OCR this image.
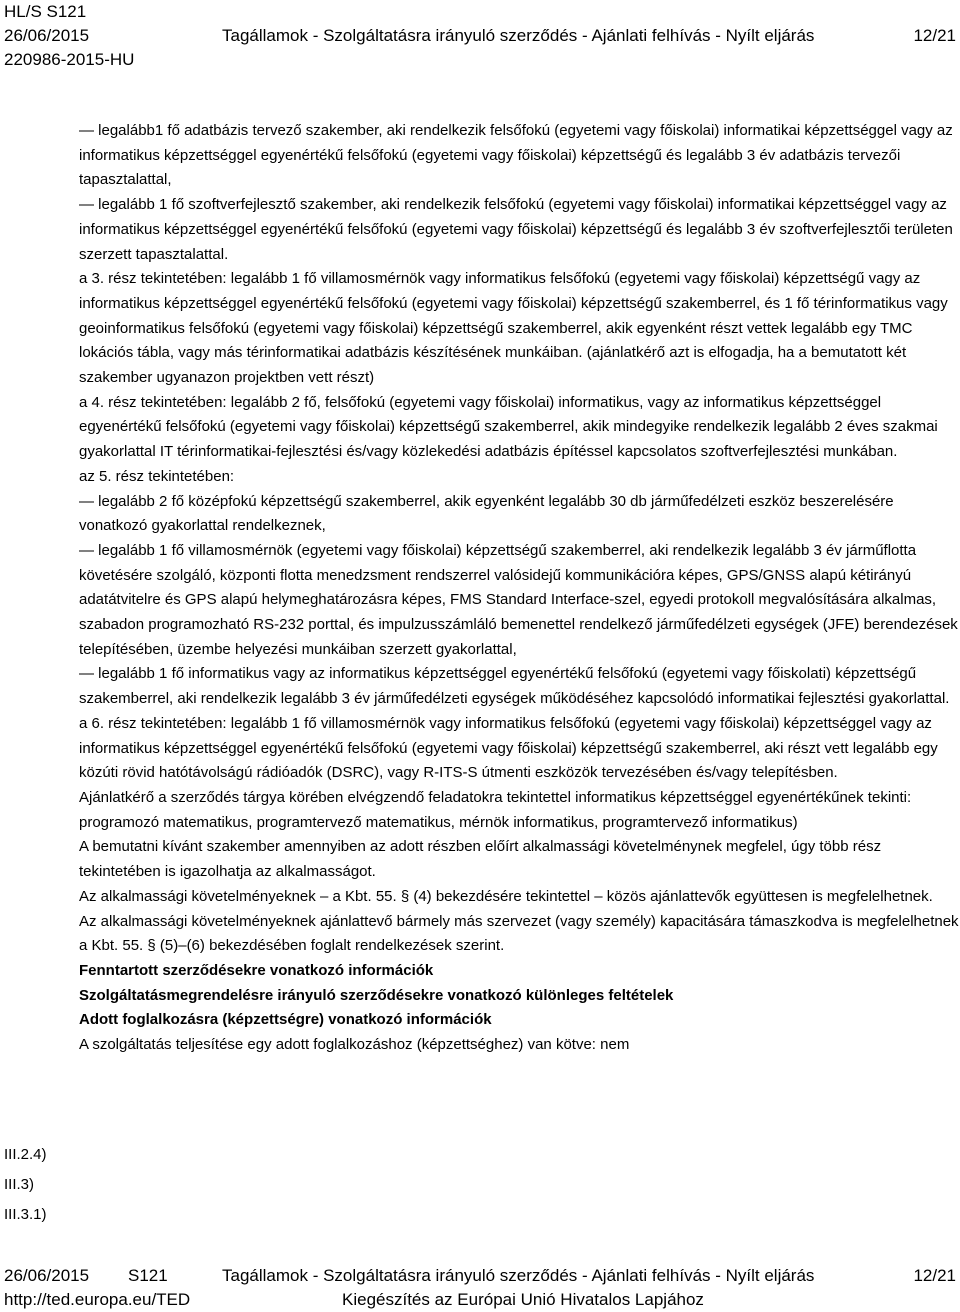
HL/S S121
26/06/2015
220986-2015-HU
Tagállamok - Szolgáltatásra irányuló szerződés - Ajánlati felhívás - Nyílt eljárás	12/21

— legalább1 fő adatbázis tervező szakember, aki rendelkezik felsőfokú (egyetemi vagy főiskolai) informatikai képzettséggel vagy az informatikus képzettséggel egyenértékű felsőfokú (egyetemi vagy főiskolai) képzettségű és legalább 3 év adatbázis tervezői tapasztalattal,

— legalább 1 fő szoftverfejlesztő szakember, aki rendelkezik felsőfokú (egyetemi vagy főiskolai) informatikai képzettséggel vagy az informatikus képzettséggel egyenértékű felsőfokú (egyetemi vagy főiskolai) képzettségű és legalább 3 év szoftverfejlesztői területen szerzett tapasztalattal.

a 3. rész tekintetében: legalább 1 fő villamosmérnök vagy informatikus felsőfokú (egyetemi vagy főiskolai) képzettségű vagy az informatikus képzettséggel egyenértékű felsőfokú (egyetemi vagy főiskolai) képzettségű szakemberrel, és 1 fő térinformatikus vagy geoinformatikus felsőfokú (egyetemi vagy főiskolai) képzettségű szakemberrel, akik egyenként részt vettek legalább egy TMC lokációs tábla, vagy más térinformatikai adatbázis készítésének munkáiban. (ajánlatkérő azt is elfogadja, ha a bemutatott két szakember ugyanazon projektben vett részt)

a 4. rész tekintetében: legalább 2 fő, felsőfokú (egyetemi vagy főiskolai) informatikus, vagy az informatikus képzettséggel egyenértékű felsőfokú (egyetemi vagy főiskolai) képzettségű szakemberrel, akik mindegyike rendelkezik legalább 2 éves szakmai gyakorlattal IT térinformatikai-fejlesztési és/vagy közlekedési adatbázis építéssel kapcsolatos szoftverfejlesztési munkában.

az 5. rész tekintetében:

— legalább 2 fő középfokú képzettségű szakemberrel, akik egyenként legalább 30 db járműfedélzeti eszköz beszerelésére vonatkozó gyakorlattal rendelkeznek,

— legalább 1 fő villamosmérnök (egyetemi vagy főiskolai) képzettségű szakemberrel, aki rendelkezik legalább 3 év járműflotta követésére szolgáló, központi flotta menedzsment rendszerrel valósidejű kommunikációra képes, GPS/GNSS alapú kétirányú adatátvitelre és GPS alapú helymeghatározásra képes, FMS Standard Interface-szel, egyedi protokoll megvalósítására alkalmas, szabadon programozható RS-232 porttal, és impulzusszámláló bemenettel rendelkező járműfedélzeti egységek (JFE) berendezések telepítésében, üzembe helyezési munkáiban szerzett gyakorlattal,

— legalább 1 fő informatikus vagy az informatikus képzettséggel egyenértékű felsőfokú (egyetemi vagy főiskolati) képzettségű szakemberrel, aki rendelkezik legalább 3 év járműfedélzeti egységek működéséhez kapcsolódó informatikai fejlesztési gyakorlattal.

a 6. rész tekintetében: legalább 1 fő villamosmérnök vagy informatikus felsőfokú (egyetemi vagy főiskolai) képzettséggel vagy az informatikus képzettséggel egyenértékű felsőfokú (egyetemi vagy főiskolai) képzettségű szakemberrel, aki részt vett legalább egy közúti rövid hatótávolságú rádióadók (DSRC), vagy R-ITS-S útmenti eszközök tervezésében és/vagy telepítésben.

Ajánlatkérő a szerződés tárgya körében elvégzendő feladatokra tekintettel informatikus képzettséggel egyenértékűnek tekinti: programozó matematikus, programtervező matematikus, mérnök informatikus, programtervező informatikus)

A bemutatni kívánt szakember amennyiben az adott részben előírt alkalmassági követelménynek megfelel, úgy több rész tekintetében is igazolhatja az alkalmasságot.

Az alkalmassági követelményeknek – a Kbt. 55. § (4) bekezdésére tekintettel – közös ajánlattevők együttesen is megfelelhetnek.

Az alkalmassági követelményeknek ajánlattevő bármely más szervezet (vagy személy) kapacitására támaszkodva is megfelelhetnek a Kbt. 55. § (5)–(6) bekezdésében foglalt rendelkezések szerint.

Fenntartott szerződésekre vonatkozó információk

Szolgáltatásmegrendelésre irányuló szerződésekre vonatkozó különleges feltételek

Adott foglalkozásra (képzettségre) vonatkozó információk

A szolgáltatás teljesítése egy adott foglalkozáshoz (képzettséghez) van kötve: nem

III.2.4)
III.3)
III.3.1)
26/06/2015 S121	Tagállamok - Szolgáltatásra irányuló szerződés - Ajánlati felhívás - Nyílt eljárás	12/21
http://ted.europa.eu/TED	Kiegészítés az Európai Unió Hivatalos Lapjához
